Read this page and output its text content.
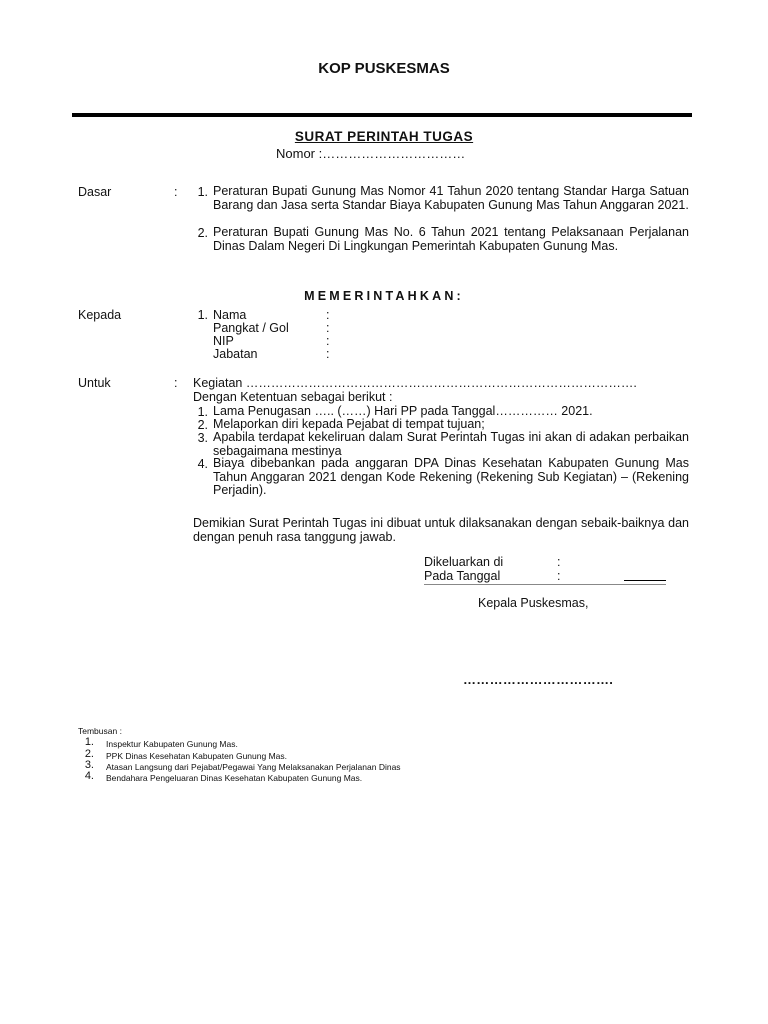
KOP PUSKESMAS
SURAT PERINTAH TUGAS
Nomor :……………………………
Dasar	:	1. Peraturan Bupati Gunung Mas Nomor 41 Tahun 2020 tentang Standar Harga Satuan Barang dan Jasa serta Standar Biaya Kabupaten Gunung Mas Tahun Anggaran 2021.
2. Peraturan Bupati Gunung Mas No. 6 Tahun 2021 tentang Pelaksanaan Perjalanan Dinas Dalam Negeri Di Lingkungan Pemerintah Kabupaten Gunung Mas.
MEMERINTAHKAN:
Kepada	1. Nama	:
Pangkat / Gol	:
NIP	:
Jabatan	:
Untuk	: Kegiatan ………………………………………………………………………………….
Dengan Ketentuan sebagai berikut :
1. Lama Penugasan ….. (……) Hari PP pada Tanggal…………… 2021.
2. Melaporkan diri kepada Pejabat di tempat tujuan;
3. Apabila terdapat kekeliruan dalam Surat Perintah Tugas ini akan di adakan perbaikan sebagaimana mestinya
4. Biaya dibebankan pada anggaran DPA Dinas Kesehatan Kabupaten Gunung Mas Tahun Anggaran 2021 dengan Kode Rekening (Rekening Sub Kegiatan) – (Rekening Perjadin).
Demikian Surat Perintah Tugas ini dibuat untuk dilaksanakan dengan sebaik-baiknya dan dengan penuh rasa tanggung jawab.
Dikeluarkan di	:
Pada Tanggal	:
Kepala Puskesmas,
…………………………….
Tembusan :
1. Inspektur Kabupaten Gunung Mas.
2. PPK Dinas Kesehatan Kabupaten Gunung Mas.
3. Atasan Langsung dari Pejabat/Pegawai Yang Melaksanakan Perjalanan Dinas
4. Bendahara Pengeluaran Dinas Kesehatan Kabupaten Gunung Mas.
